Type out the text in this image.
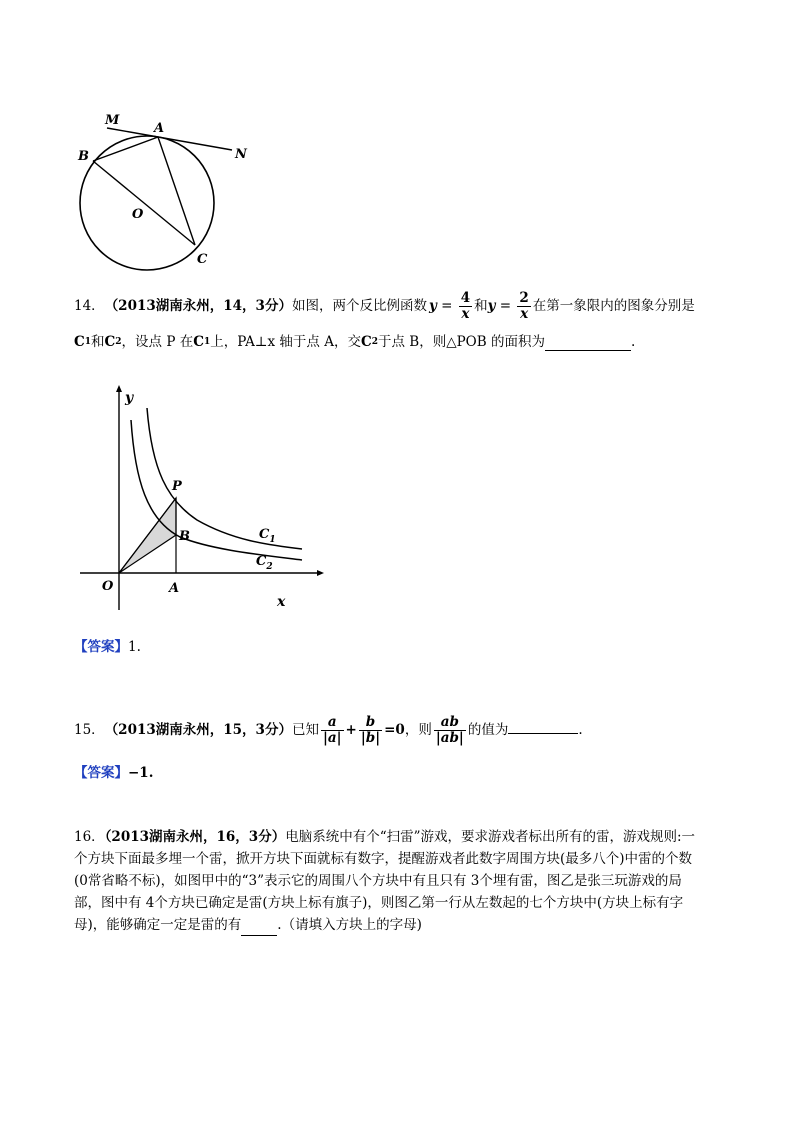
M
A
N
B
O
C
14． （2013湖南永州，14，3分） 如图，两个反比例函数 $y = \frac{4}{x}$ 和 $y = \frac{2}{x}$ 在第一象限内的图象分别是
C 1 和 C 2 ，设点 P 在 C 1 上，PA⊥x 轴于点 A，交 C 2 于点 B，则△POB 的面积为	.
y
x
O	A
P
B	$C_1$
$C_2$
【答案】1.
15． （2013湖南永州，15，3分） 已知 $\frac{a}{|a|} + \frac{b}{|b|} =0$ ，则 $\frac{ab}{|ab|}$ 的值为	.
【答案】−1.
16．（2013湖南永州，16，3分）电脑系统中有个“扫雷”游戏，要求游戏者标出所有的雷，游戏规则:一
个方块下面最多埋一个雷，掀开方块下面就标有数字，提醒游戏者此数字周围方块(最多八个)中雷的个数
(0常省略不标)，如图甲中的“3”表示它的周围八个方块中有且只有 3个埋有雷，图乙是张三玩游戏的局
部，图中有 4个方块已确定是雷(方块上标有旗子)，则图乙第一行从左数起的七个方块中(方块上标有字
母)，能够确定一定是雷的有	.（请填入方块上的字母)
